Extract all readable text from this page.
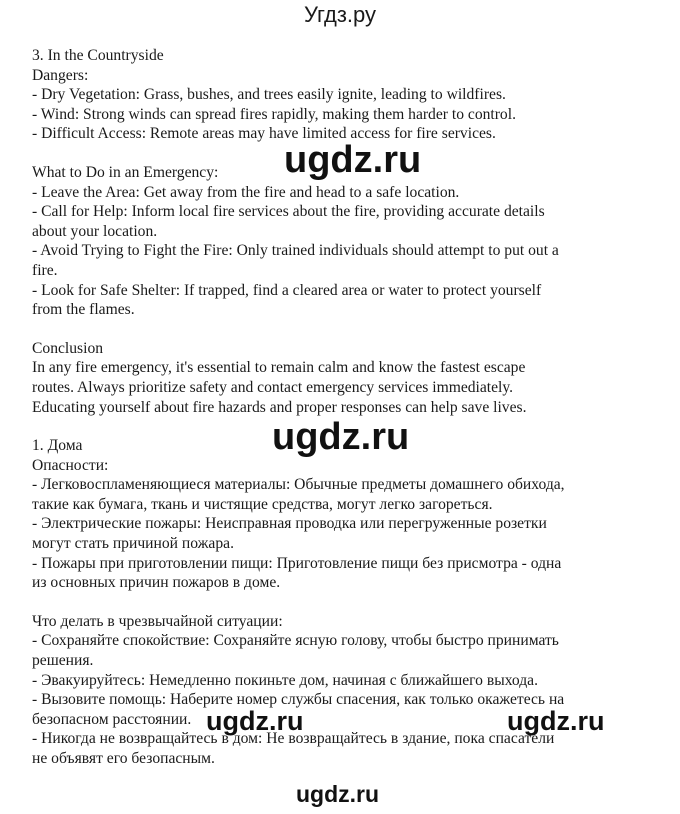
Угдз.ру

3. In the Countryside

Dangers:

- Dry Vegetation: Grass, bushes, and trees easily ignite, leading to wildfires.

- Wind: Strong winds can spread fires rapidly, making them harder to control.

- Difficult Access: Remote areas may have limited access for fire services.

What to Do in an Emergency:

- Leave the Area: Get away from the fire and head to a safe location.

- Call for Help: Inform local fire services about the fire, providing accurate details

about your location.

- Avoid Trying to Fight the Fire: Only trained individuals should attempt to put out a

fire.

- Look for Safe Shelter: If trapped, find a cleared area or water to protect yourself

from the flames.

Conclusion

In any fire emergency, it's essential to remain calm and know the fastest escape

routes. Always prioritize safety and contact emergency services immediately.

Educating yourself about fire hazards and proper responses can help save lives.

1. Дома

Опасности:

- Легковоспламеняющиеся материалы: Обычные предметы домашнего обихода,

такие как бумага, ткань и чистящие средства, могут легко загореться.

- Электрические пожары: Неисправная проводка или перегруженные розетки

могут стать причиной пожара.

- Пожары при приготовлении пищи: Приготовление пищи без присмотра - одна

из основных причин пожаров в доме.

Что делать в чрезвычайной ситуации:

- Сохраняйте спокойствие: Сохраняйте ясную голову, чтобы быстро принимать

решения.

- Эвакуируйтесь: Немедленно покиньте дом, начиная с ближайшего выхода.

- Вызовите помощь: Наберите номер службы спасения, как только окажетесь на

безопасном расстоянии.

- Никогда не возвращайтесь в дом: Не возвращайтесь в здание, пока спасатели

не объявят его безопасным.

ugdz.ru
ugdz.ru
ugdz.ru	ugdz.ru
ugdz.ru
